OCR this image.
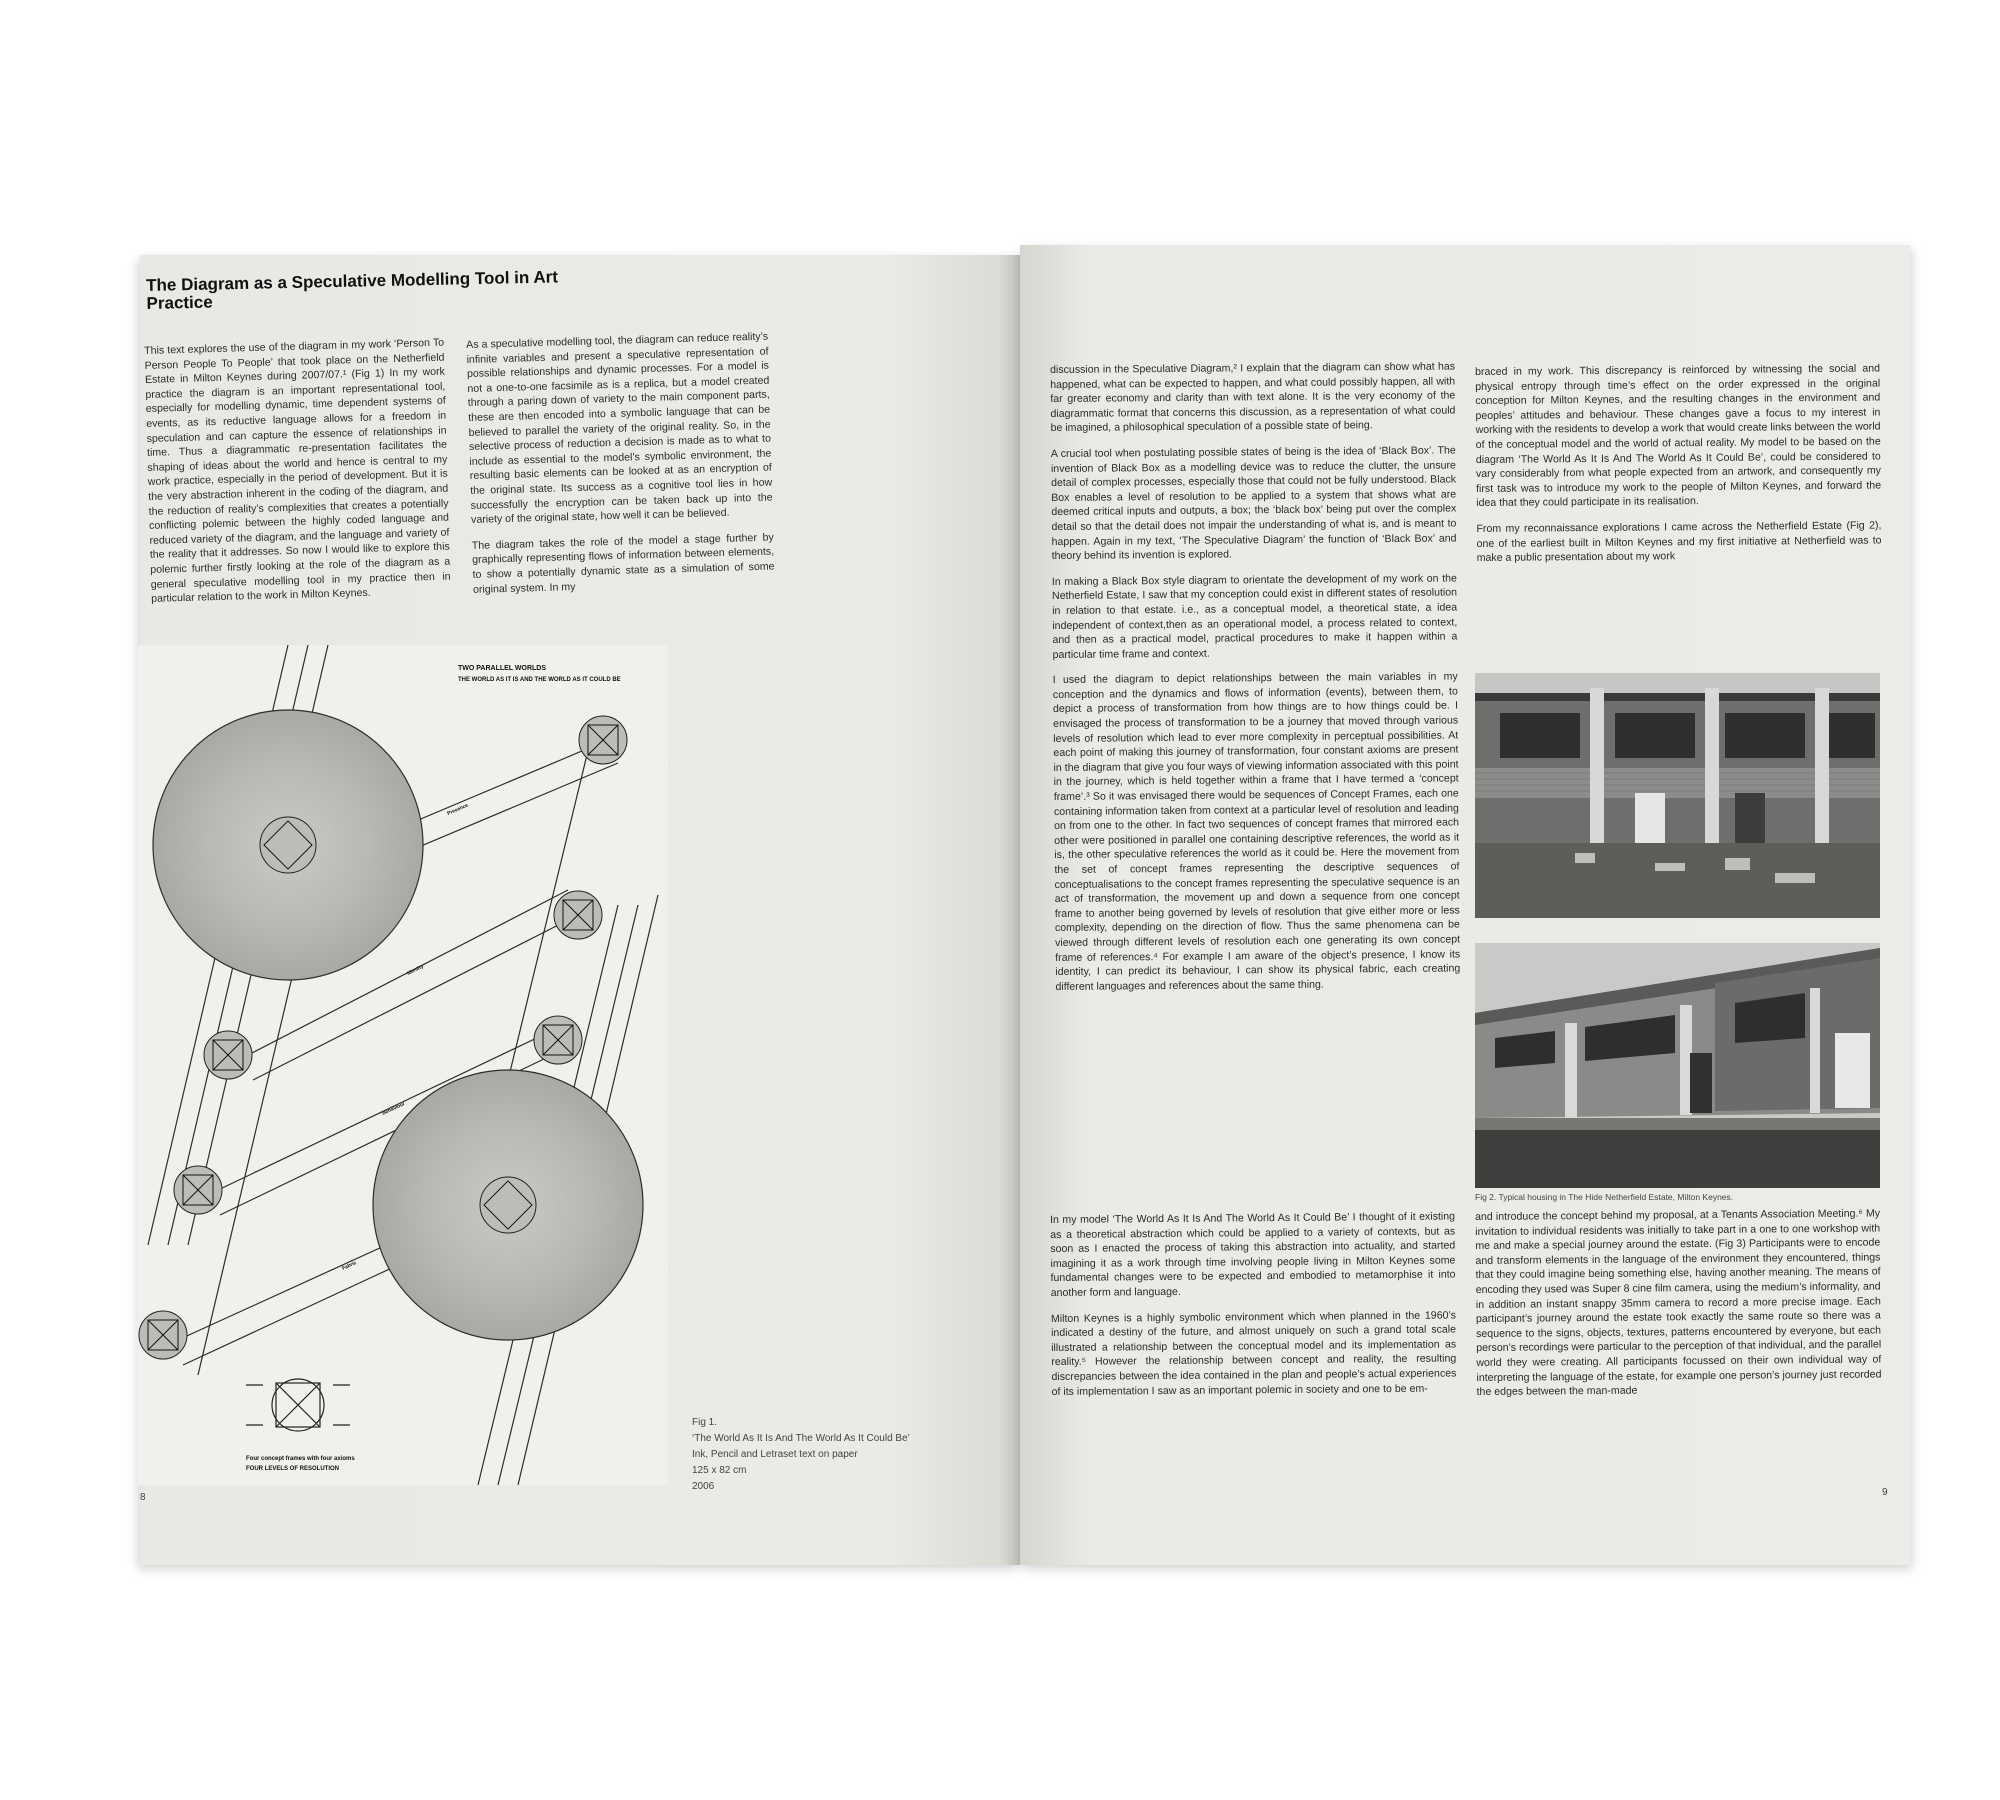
The Diagram as a Speculative Modelling Tool in Art Practice

This text explores the use of the diagram in my work ‘Person To Person People To People’ that took place on the Netherfield Estate in Milton Keynes during 2007/07.¹ (Fig 1) In my work practice the diagram is an important representational tool, especially for modelling dynamic, time dependent systems of events, as its reductive language allows for a freedom in speculation and can capture the essence of relationships in time. Thus a diagrammatic re-presentation facilitates the shaping of ideas about the world and hence is central to my work practice, especially in the period of development. But it is the very abstraction inherent in the coding of the diagram, and the reduction of reality’s complexities that creates a potentially conflicting polemic between the highly coded language and reduced variety of the diagram, and the language and variety of the reality that it addresses. So now I would like to explore this polemic further firstly looking at the role of the diagram as a general speculative modelling tool in my practice then in particular relation to the work in Milton Keynes.

As a speculative modelling tool, the diagram can reduce reality’s infinite variables and present a speculative representation of possible relationships and dynamic processes. For a model is not a one-to-one facsimile as is a replica, but a model created through a paring down of variety to the main component parts, these are then encoded into a symbolic language that can be believed to parallel the variety of the original reality. So, in the selective process of reduction a decision is made as to what to include as essential to the model’s symbolic environment, the resulting basic elements can be looked at as an encryption of the original state. Its success as a cognitive tool lies in how successfully the encryption can be taken back up into the variety of the original state, how well it can be believed.

The diagram takes the role of the model a stage further by graphically representing flows of information between elements, to show a potentially dynamic state as a simulation of some original system. In my

TWO PARALLEL WORLDS
THE WORLD AS IT IS AND THE WORLD AS IT COULD BE
Four concept frames with four axioms
FOUR LEVELS OF RESOLUTION
Presence
Identity
Behaviour
Fabric
Fig 1.
‘The World As It Is And The World As It Could Be’
Ink, Pencil and Letraset text on paper
125 x 82 cm
2006
8

discussion in the Speculative Diagram,² I explain that the diagram can show what has happened, what can be expected to happen, and what could possibly happen, all with far greater economy and clarity than with text alone. It is the very economy of the diagrammatic format that concerns this discussion, as a representation of what could be imagined, a philosophical speculation of a possible state of being.

A crucial tool when postulating possible states of being is the idea of ‘Black Box’. The invention of Black Box as a modelling device was to reduce the clutter, the unsure detail of complex processes, especially those that could not be fully understood. Black Box enables a level of resolution to be applied to a system that shows what are deemed critical inputs and outputs, a box; the ‘black box’ being put over the complex detail so that the detail does not impair the understanding of what is, and is meant to happen. Again in my text, ‘The Speculative Diagram’ the function of ‘Black Box’ and theory behind its invention is explored.

In making a Black Box style diagram to orientate the development of my work on the Netherfield Estate, I saw that my conception could exist in different states of resolution in relation to that estate. i.e., as a conceptual model, a theoretical state, a idea independent of context,then as an operational model, a process related to context, and then as a practical model, practical procedures to make it happen within a particular time frame and context.

I used the diagram to depict relationships between the main variables in my conception and the dynamics and flows of information (events), between them, to depict a process of transformation from how things are to how things could be. I envisaged the process of transformation to be a journey that moved through various levels of resolution which lead to ever more complexity in perceptual possibilities. At each point of making this journey of transformation, four constant axioms are present in the diagram that give you four ways of viewing information associated with this point in the journey, which is held together within a frame that I have termed a ‘concept frame’.³ So it was envisaged there would be sequences of Concept Frames, each one containing information taken from context at a particular level of resolution and leading on from one to the other. In fact two sequences of concept frames that mirrored each other were positioned in parallel one containing descriptive references, the world as it is, the other speculative references the world as it could be. Here the movement from the set of concept frames representing the descriptive sequences of conceptualisations to the concept frames representing the speculative sequence is an act of transformation, the movement up and down a sequence from one concept frame to another being governed by levels of resolution that give either more or less complexity, depending on the direction of flow. Thus the same phenomena can be viewed through different levels of resolution each one generating its own concept frame of references.⁴ For example I am aware of the object’s presence, I know its identity, I can predict its behaviour, I can show its physical fabric, each creating different languages and references about the same thing.

In my model ‘The World As It Is And The World As It Could Be’ I thought of it existing as a theoretical abstraction which could be applied to a variety of contexts, but as soon as I enacted the process of taking this abstraction into actuality, and started imagining it as a work through time involving people living in Milton Keynes some fundamental changes were to be expected and embodied to metamorphise it into another form and language.

Milton Keynes is a highly symbolic environment which when planned in the 1960’s indicated a destiny of the future, and almost uniquely on such a grand total scale illustrated a relationship between the conceptual model and its implementation as reality.⁵ However the relationship between concept and reality, the resulting discrepancies between the idea contained in the plan and people’s actual experiences of its implementation I saw as an important polemic in society and one to be em-

braced in my work. This discrepancy is reinforced by witnessing the social and physical entropy through time’s effect on the order expressed in the original conception for Milton Keynes, and the resulting changes in the environment and peoples’ attitudes and behaviour. These changes gave a focus to my interest in working with the residents to develop a work that would create links between the world of the conceptual model and the world of actual reality. My model to be based on the diagram ‘The World As It Is And The World As It Could Be’, could be considered to vary considerably from what people expected from an artwork, and consequently my first task was to introduce my work to the people of Milton Keynes, and forward the idea that they could participate in its realisation.

From my reconnaissance explorations I came across the Netherfield Estate (Fig 2), one of the earliest built in Milton Keynes and my first initiative at Netherfield was to make a public presentation about my work

Fig 2. Typical housing in The Hide Netherfield Estate, Milton Keynes.

and introduce the concept behind my proposal, at a Tenants Association Meeting.⁶ My invitation to individual residents was initially to take part in a one to one workshop with me and make a special journey around the estate. (Fig 3) Participants were to encode and transform elements in the language of the environment they encountered, things that they could imagine being something else, having another meaning. The means of encoding they used was Super 8 cine film camera, using the medium’s informality, and in addition an instant snappy 35mm camera to record a more precise image. Each participant’s journey around the estate took exactly the same route so there was a sequence to the signs, objects, textures, patterns encountered by everyone, but each person’s recordings were particular to the perception of that individual, and the parallel world they were creating. All participants focussed on their own individual way of interpreting the language of the estate, for example one person’s journey just recorded the edges between the man-made

9
